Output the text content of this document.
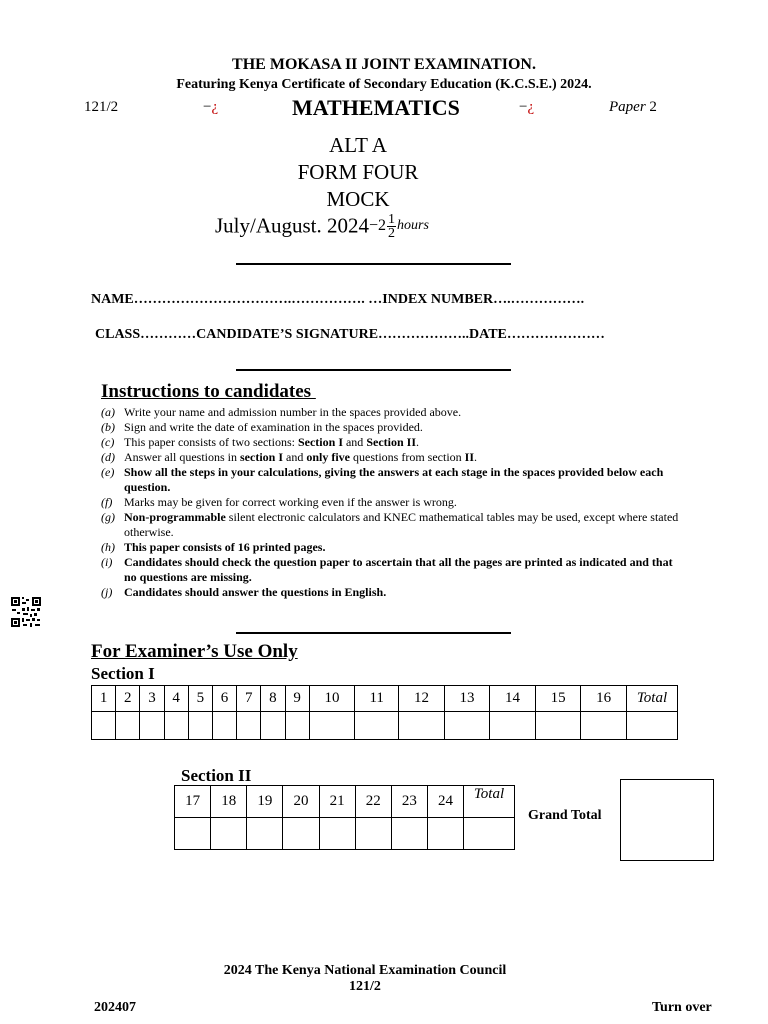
THE MOKASA II JOINT EXAMINATION.
Featuring Kenya Certificate of Secondary Education (K.C.S.E.) 2024.
121/2	−¿	MATHEMATICS	−¿	Paper 2
ALT A
FORM FOUR
MOCK
July/August. $2024-2 \frac{1}{2}$ hours
NAME…………………………….……………. …INDEX NUMBER….…………….
CLASS…………CANDIDATE’S SIGNATURE………………..DATE…………………
Instructions to candidates
(a) Write your name and admission number in the spaces provided above.
(b) Sign and write the date of examination in the spaces provided.
(c) This paper consists of two sections: Section I and Section II.
(d) Answer all questions in section I and only five questions from section II.
(e) Show all the steps in your calculations, giving the answers at each stage in the spaces provided below each question.
(f) Marks may be given for correct working even if the answer is wrong.
(g) Non-programmable silent electronic calculators and KNEC mathematical tables may be used, except where stated otherwise.
(h) This paper consists of 16 printed pages.
(i) Candidates should check the question paper to ascertain that all the pages are printed as indicated and that no questions are missing.
(j) Candidates should answer the questions in English.
For Examiner’s Use Only
Section I
1	2	3	4	5	6	7	8	9	10	11	12	13	14	15	16	Total

Section II
17	18	19	20	21	22	23	24	Total

Grand Total
2024 The Kenya National Examination Council
121/2
202407	Turn over
